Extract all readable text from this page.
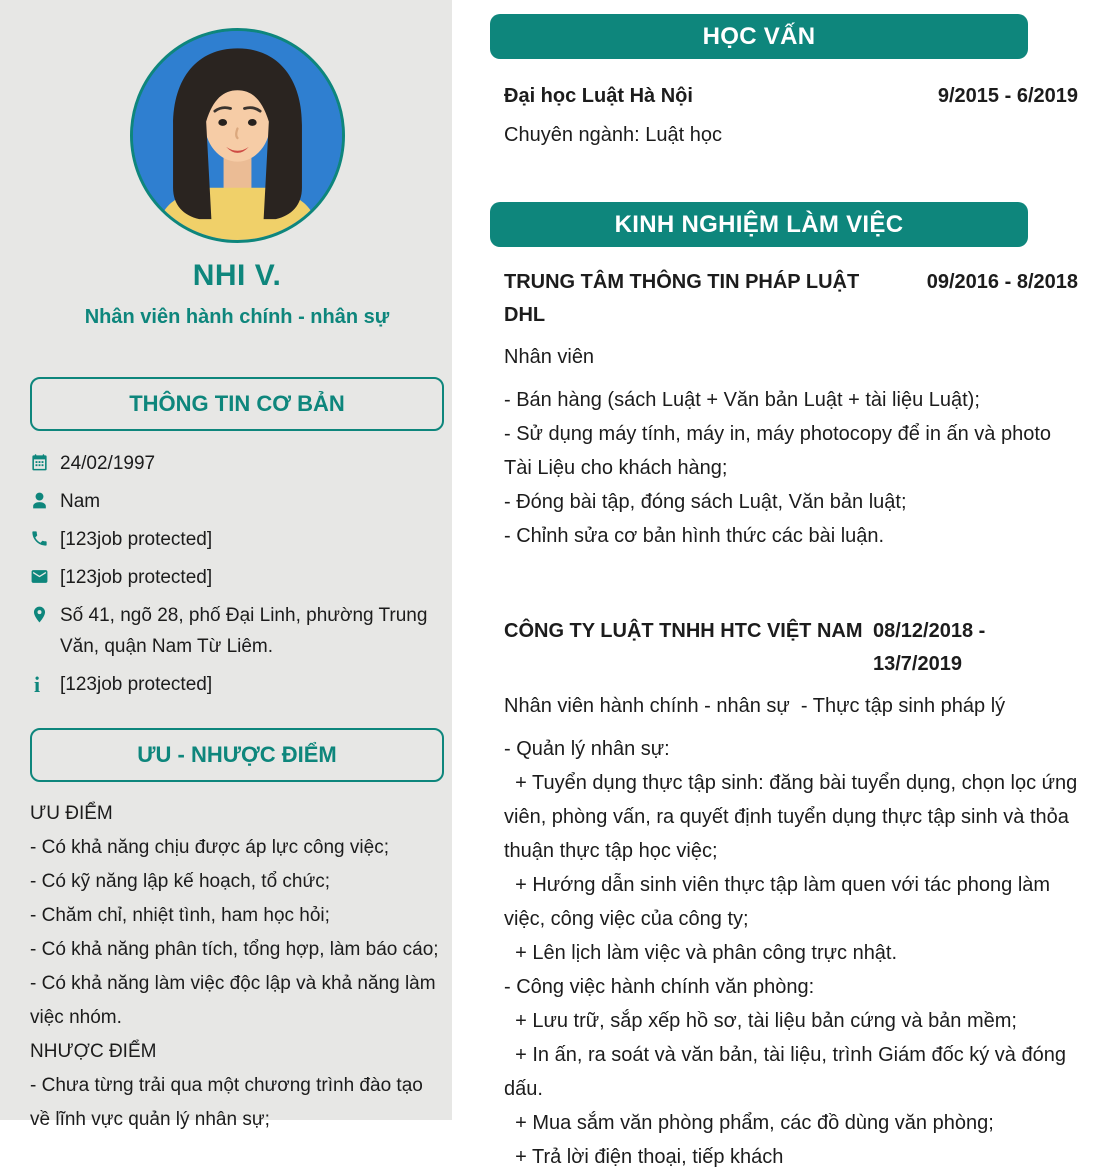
NHI V.
Nhân viên hành chính - nhân sự
THÔNG TIN CƠ BẢN
24/02/1997
Nam
[123job protected]
[123job protected]
Số 41, ngõ 28, phố Đại Linh, phường Trung Văn, quận Nam Từ Liêm.
i [123job protected]
ƯU - NHƯỢC ĐIỂM

ƯU ĐIỂM

- Có khả năng chịu được áp lực công việc;

- Có kỹ năng lập kế hoạch, tổ chức;

- Chăm chỉ, nhiệt tình, ham học hỏi;

- Có khả năng phân tích, tổng hợp, làm báo cáo;

- Có khả năng làm việc độc lập và khả năng làm việc nhóm.

NHƯỢC ĐIỂM

- Chưa từng trải qua một chương trình đào tạo về lĩnh vực quản lý nhân sự;

HỌC VẤN
Đại học Luật Hà Nội	9/2015 - 6/2019
Chuyên ngành: Luật học
KINH NGHIỆM LÀM VIỆC
TRUNG TÂM THÔNG TIN PHÁP LUẬT DHL
09/2016 - 8/2018
Nhân viên

- Bán hàng (sách Luật + Văn bản Luật + tài liệu Luật);

- Sử dụng máy tính, máy in, máy photocopy để in ấn và photo Tài Liệu cho khách hàng;

- Đóng bài tập, đóng sách Luật, Văn bản luật;

- Chỉnh sửa cơ bản hình thức các bài luận.

CÔNG TY LUẬT TNHH HTC VIỆT NAM 08/12/2018 -
13/7/2019
Nhân viên hành chính - nhân sự  - Thực tập sinh pháp lý

- Quản lý nhân sự:

+ Tuyển dụng thực tập sinh: đăng bài tuyển dụng, chọn lọc ứng viên, phòng vấn, ra quyết định tuyển dụng thực tập sinh và thỏa thuận thực tập học việc;

+ Hướng dẫn sinh viên thực tập làm quen với tác phong làm việc, công việc của công ty;

+ Lên lịch làm việc và phân công trực nhật.

- Công việc hành chính văn phòng:

+ Lưu trữ, sắp xếp hồ sơ, tài liệu bản cứng và bản mềm;

+ In ấn, ra soát và văn bản, tài liệu, trình Giám đốc ký và đóng dấu.

+ Mua sắm văn phòng phẩm, các đồ dùng văn phòng;

+ Trả lời điện thoại, tiếp khách
